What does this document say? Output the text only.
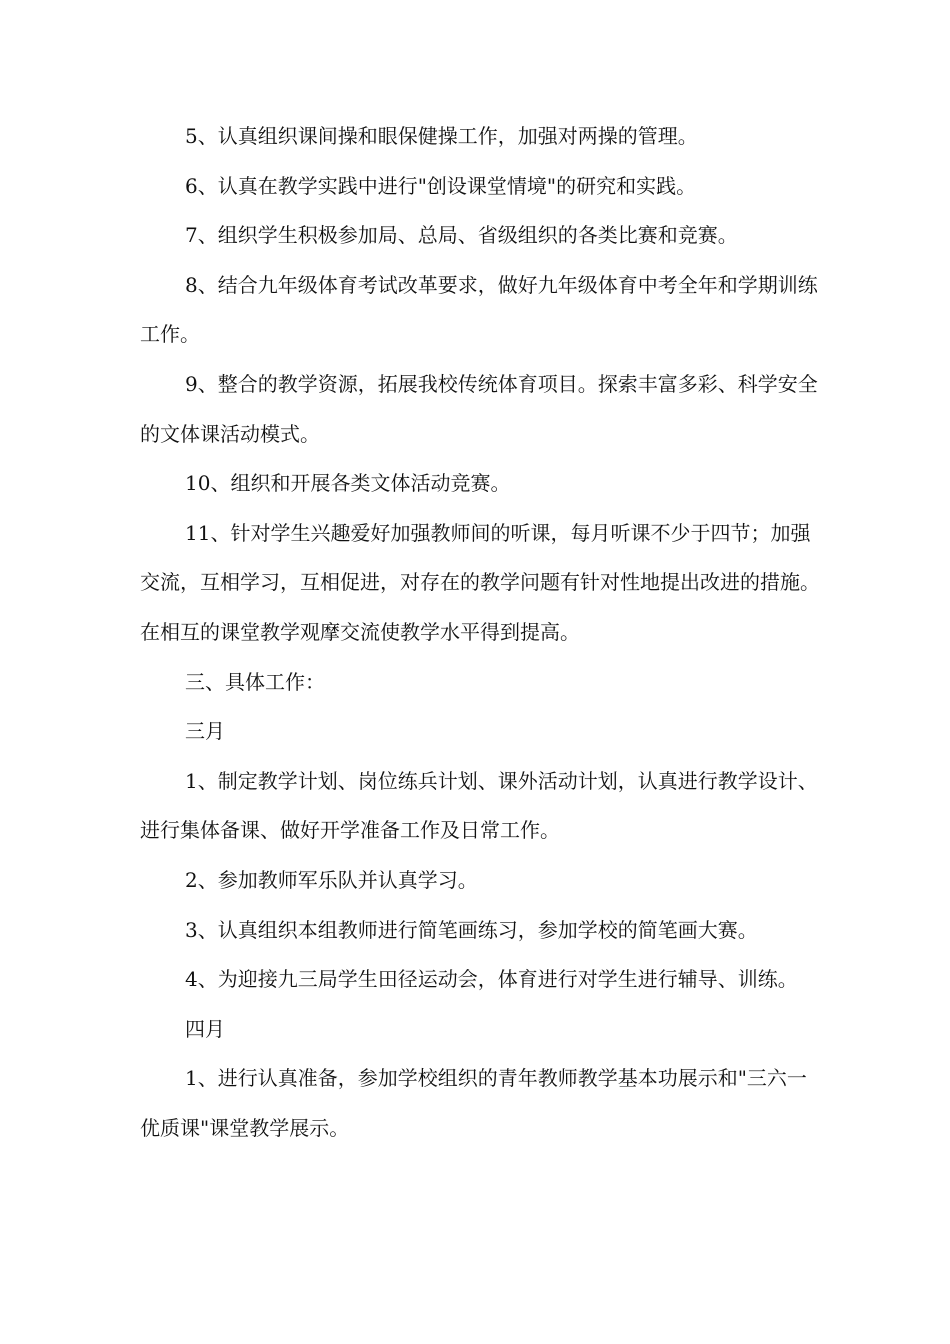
5、认真组织课间操和眼保健操工作，加强对两操的管理。

6、认真在教学实践中进行"创设课堂情境"的研究和实践。

7、组织学生积极参加局、总局、省级组织的各类比赛和竞赛。

8、结合九年级体育考试改革要求，做好九年级体育中考全年和学期训练工作。

9、整合的教学资源，拓展我校传统体育项目。探索丰富多彩、科学安全的文体课活动模式。

10、组织和开展各类文体活动竞赛。

11、针对学生兴趣爱好加强教师间的听课，每月听课不少于四节；加强交流，互相学习，互相促进，对存在的教学问题有针对性地提出改进的措施。在相互的课堂教学观摩交流使教学水平得到提高。

三、具体工作：

三月

1、制定教学计划、岗位练兵计划、课外活动计划，认真进行教学设计、进行集体备课、做好开学准备工作及日常工作。

2、参加教师军乐队并认真学习。

3、认真组织本组教师进行简笔画练习，参加学校的简笔画大赛。

4、为迎接九三局学生田径运动会，体育进行对学生进行辅导、训练。

四月

1、进行认真准备，参加学校组织的青年教师教学基本功展示和"三六一优质课"课堂教学展示。
